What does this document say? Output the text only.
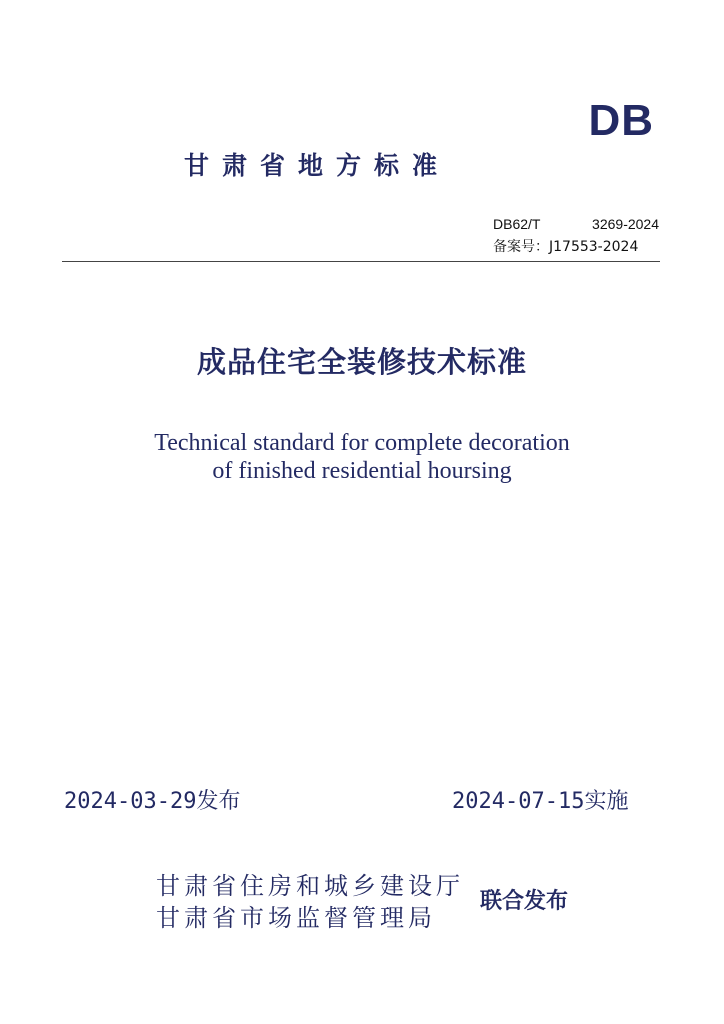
DB
甘肃省地方标准
DB62/T	3269-2024
备案号：J17553-2024
成品住宅全装修技术标准
Technical standard for complete decoration
of finished residential hoursing
2024-03-29发布	2024-07-15实施
甘肃省住房和城乡建设厅
甘肃省市场监督管理局
联合发布
